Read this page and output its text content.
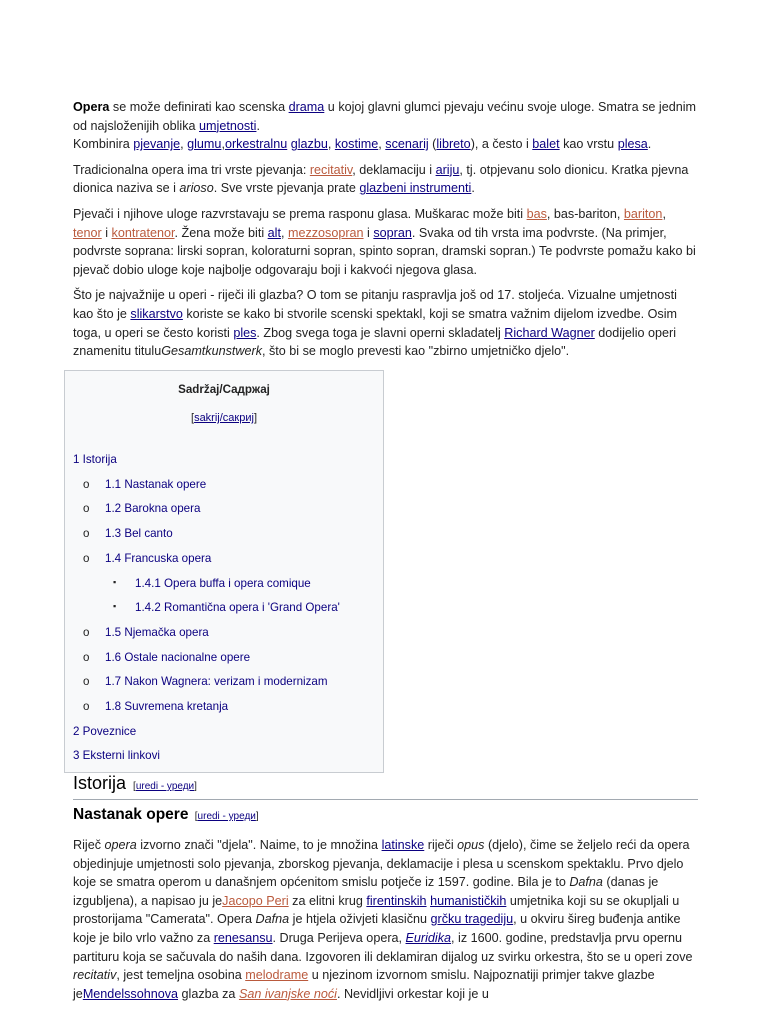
Opera se može definirati kao scenska drama u kojoj glavni glumci pjevaju većinu svoje uloge. Smatra se jednim od najsloženijih oblika umjetnosti.

Kombinira pjevanje, glumu,orkestralnu glazbu, kostime, scenarij (libreto), a često i balet kao vrstu plesa.

Tradicionalna opera ima tri vrste pjevanja: recitativ, deklamaciju i ariju, tj. otpjevanu solo dionicu. Kratka pjevna dionica naziva se i arioso. Sve vrste pjevanja prate glazbeni instrumenti.

Pjevači i njihove uloge razvrstavaju se prema rasponu glasa. Muškarac može biti bas, bas-bariton, bariton, tenor i kontratenor. Žena može biti alt, mezzosopran i sopran. Svaka od tih vrsta ima podvrste. (Na primjer, podvrste soprana: lirski sopran, koloraturni sopran, spinto sopran, dramski sopran.) Te podvrste pomažu kako bi pjevač dobio uloge koje najbolje odgovaraju boji i kakvoći njegova glasa.

Što je najvažnije u operi - riječi ili glazba? O tom se pitanju raspravlja još od 17. stoljeća. Vizualne umjetnosti kao što je slikarstvo koriste se kako bi stvorile scenski spektakl, koji se smatra važnim dijelom izvedbe. Osim toga, u operi se često koristi ples. Zbog svega toga je slavni operni skladatelj Richard Wagner dodijelio operi znamenitu tituluGesamtkunstwerk, što bi se moglo prevesti kao "zbirno umjetničko djelo".

Sadržaj/Садржај
[sakrij/сакриј]
1 Istorija
o 1.1 Nastanak opere
o 1.2 Barokna opera
o 1.3 Bel canto
o 1.4 Francuska opera
▪ 1.4.1 Opera buffa i opera comique
▪ 1.4.2 Romantična opera i 'Grand Opera'
o 1.5 Njemačka opera
o 1.6 Ostale nacionalne opere
o 1.7 Nakon Wagnera: verizam i modernizam
o 1.8 Suvremena kretanja
2 Poveznice
3 Eksterni linkovi
Istorija [uredi - уреди]
Nastanak opere [uredi - уреди]

Riječ opera izvorno znači "djela". Naime, to je množina latinske riječi opus (djelo), čime se željelo reći da opera objedinjuje umjetnosti solo pjevanja, zborskog pjevanja, deklamacije i plesa u scenskom spektaklu. Prvo djelo koje se smatra operom u današnjem općenitom smislu potječe iz 1597. godine. Bila je to Dafna (danas je izgubljena), a napisao ju jeJacopo Peri za elitni krug firentinskih humanističkih umjetnika koji su se okupljali u prostorijama "Camerata". Opera Dafna je htjela oživjeti klasičnu grčku tragediju, u okviru šireg buđenja antike koje je bilo vrlo važno za renesansu. Druga Perijeva opera, Euridika, iz 1600. godine, predstavlja prvu opernu partituru koja se sačuvala do naših dana. Izgovoren ili deklamiran dijalog uz svirku orkestra, što se u operi zove recitativ, jest temeljna osobina melodrame u njezinom izvornom smislu. Najpoznatiji primjer takve glazbe jeMendelssohnova glazba za San ivanjske noći. Nevidljivi orkestar koji je u
